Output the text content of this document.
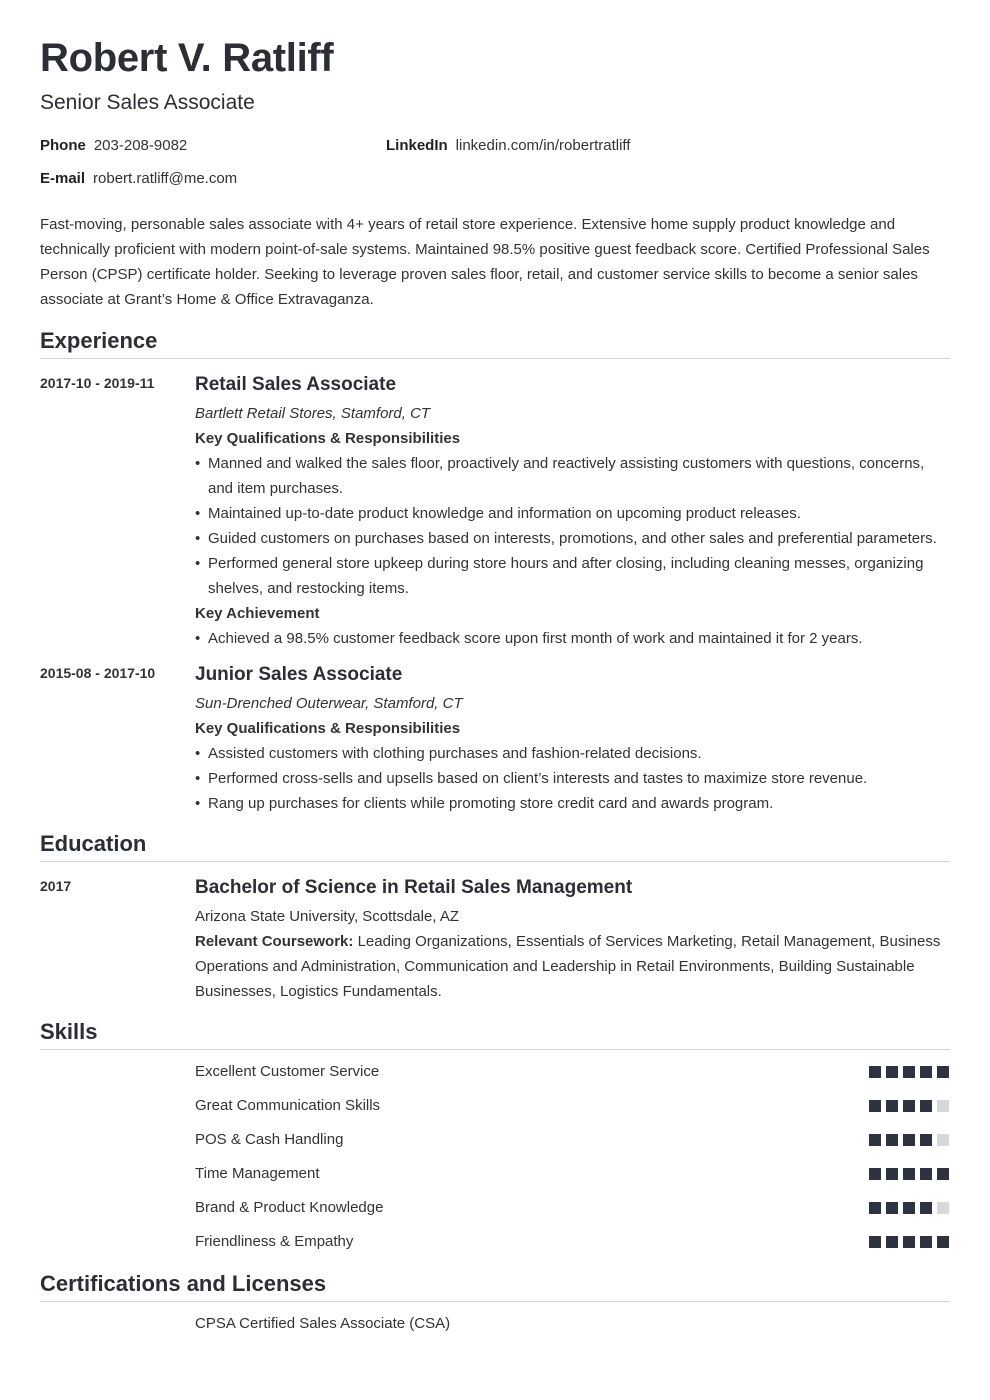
Robert V. Ratliff
Senior Sales Associate
Phone 203-208-9082	LinkedIn linkedin.com/in/robertratliff
E-mail robert.ratliff@me.com
Fast-moving, personable sales associate with 4+ years of retail store experience. Extensive home supply product knowledge and technically proficient with modern point-of-sale systems. Maintained 98.5% positive guest feedback score. Certified Professional Sales Person (CPSP) certificate holder. Seeking to leverage proven sales floor, retail, and customer service skills to become a senior sales associate at Grant’s Home & Office Extravaganza.
Experience
2017-10 - 2019-11 Retail Sales Associate
Bartlett Retail Stores, Stamford, CT
Key Qualifications & Responsibilities
• Manned and walked the sales floor, proactively and reactively assisting customers with questions, concerns, and item purchases.
• Maintained up-to-date product knowledge and information on upcoming product releases.
• Guided customers on purchases based on interests, promotions, and other sales and preferential parameters.
• Performed general store upkeep during store hours and after closing, including cleaning messes, organizing shelves, and restocking items.
Key Achievement
• Achieved a 98.5% customer feedback score upon first month of work and maintained it for 2 years.
2015-08 - 2017-10 Junior Sales Associate
Sun-Drenched Outerwear, Stamford, CT
Key Qualifications & Responsibilities
• Assisted customers with clothing purchases and fashion-related decisions.
• Performed cross-sells and upsells based on client’s interests and tastes to maximize store revenue.
• Rang up purchases for clients while promoting store credit card and awards program.
Education
2017	Bachelor of Science in Retail Sales Management
Arizona State University, Scottsdale, AZ
Relevant Coursework: Leading Organizations, Essentials of Services Marketing, Retail Management, Business Operations and Administration, Communication and Leadership in Retail Environments, Building Sustainable Businesses, Logistics Fundamentals.
Skills
Excellent Customer Service
Great Communication Skills
POS & Cash Handling
Time Management
Brand & Product Knowledge
Friendliness & Empathy
Certifications and Licenses
CPSA Certified Sales Associate (CSA)
